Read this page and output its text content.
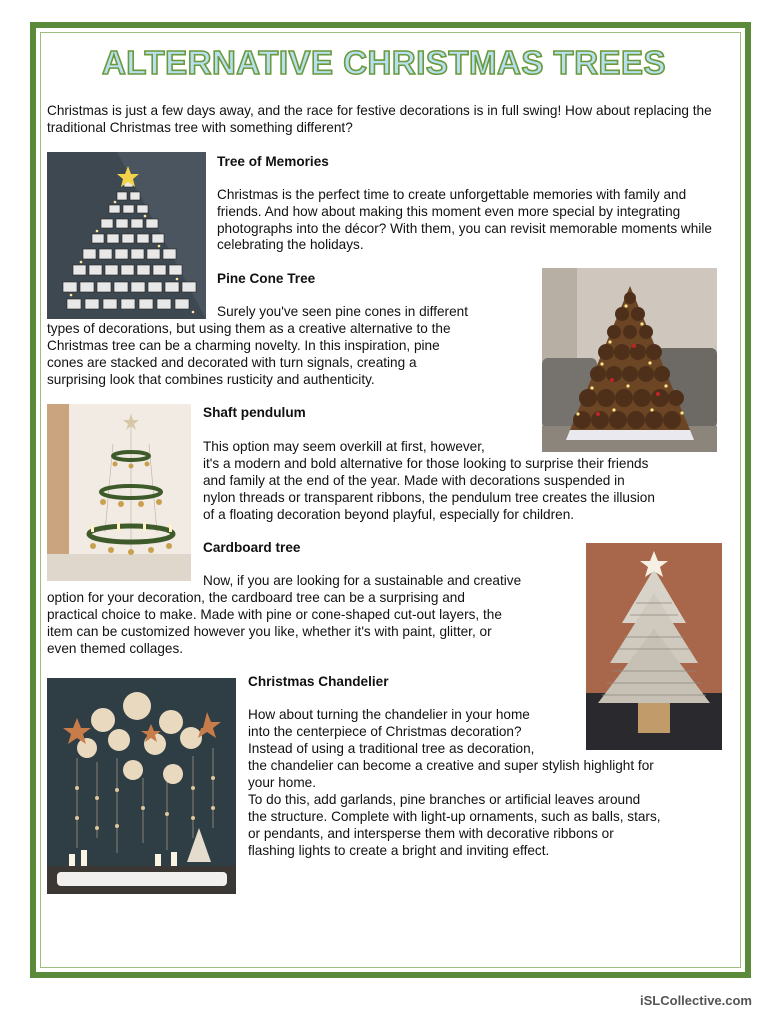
ALTERNATIVE CHRISTMAS TREES

Christmas is just a few days away, and the race for festive decorations is in full swing! How about replacing the traditional Christmas tree with something different?

Tree of Memories

Christmas is the perfect time to create unforgettable memories with family and friends. And how about making this moment even more special by integrating photographs into the décor? With them, you can revisit memorable moments while celebrating the holidays.

Pine Cone Tree

Surely you've seen pine cones in different

types of decorations, but using them as a creative alternative to the

Christmas tree can be a charming novelty. In this inspiration, pine

cones are stacked and decorated with turn signals, creating a

surprising look that combines rusticity and authenticity.

Shaft pendulum

This option may seem overkill at first, however,

it's a modern and bold alternative for those looking to surprise their friends

and family at the end of the year. Made with decorations suspended in

nylon threads or transparent ribbons, the pendulum tree creates the illusion

of a floating decoration beyond playful, especially for children.

Cardboard tree

Now, if you are looking for a sustainable and creative

option for your decoration, the cardboard tree can be a surprising and

practical choice to make. Made with pine or cone-shaped cut-out layers, the

item can be customized however you like, whether it's with paint, glitter, or

even themed collages.

Christmas Chandelier

How about turning the chandelier in your home

into the centerpiece of Christmas decoration?

Instead of using a traditional tree as decoration,

the chandelier can become a creative and super stylish highlight for

your home.

To do this, add garlands, pine branches or artificial leaves around

the structure. Complete with light-up ornaments, such as balls, stars,

or pendants, and intersperse them with decorative ribbons or

flashing lights to create a bright and inviting effect.

iSLCollective.com
